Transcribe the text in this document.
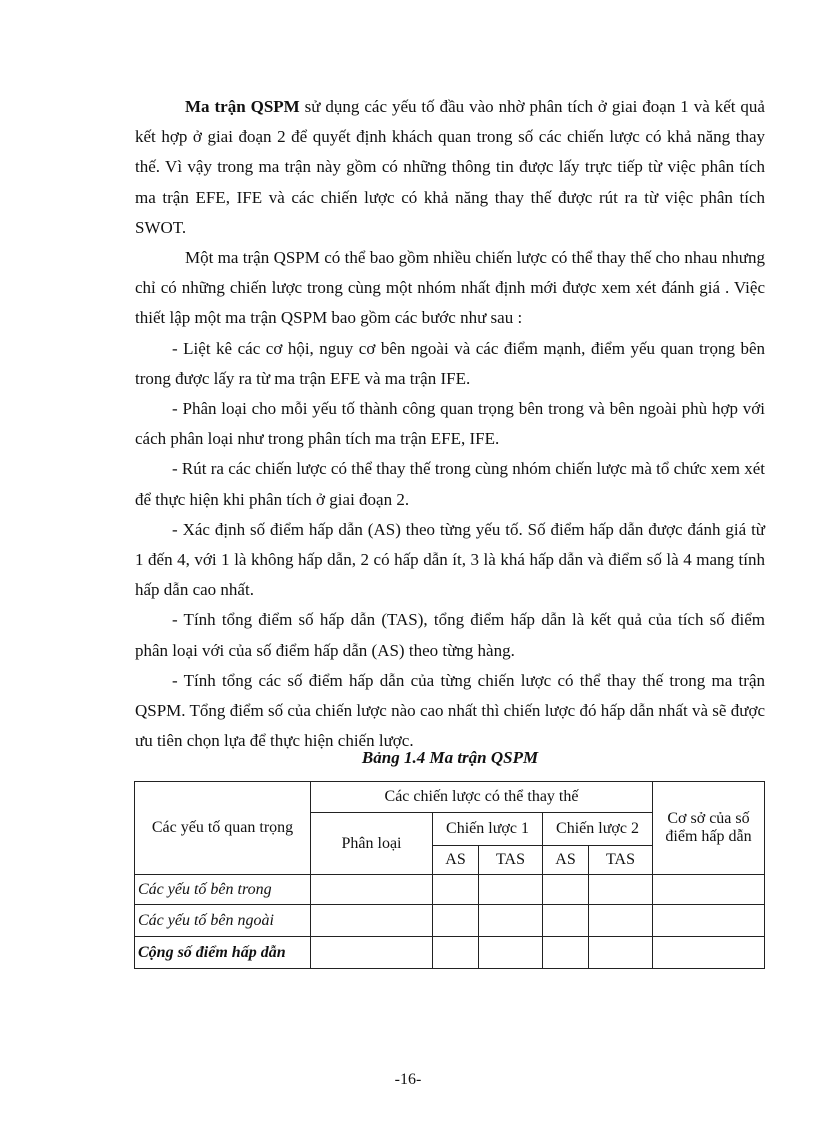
Ma trận QSPM sử dụng các yếu tố đầu vào nhờ phân tích ở giai đoạn 1 và kết quả kết hợp ở giai đoạn 2 để quyết định khách quan trong số các chiến lược có khả năng thay thế. Vì vậy trong ma trận này gồm có những thông tin được lấy trực tiếp từ việc phân tích ma trận EFE, IFE và các chiến lược có khả năng thay thế được rút ra từ việc phân tích SWOT.

Một ma trận QSPM có thể bao gồm nhiều chiến lược có thể thay thế cho nhau nhưng chỉ có những chiến lược trong cùng một nhóm nhất định mới được xem xét đánh giá . Việc thiết lập một ma trận QSPM bao gồm các bước như sau :

- Liệt kê các cơ hội, nguy cơ bên ngoài và các điểm mạnh, điểm yếu quan trọng bên trong được lấy ra từ ma trận EFE và ma trận IFE.

- Phân loại cho mỗi yếu tố thành công quan trọng bên trong và bên ngoài phù hợp với cách phân loại như trong phân tích ma trận EFE, IFE.

- Rút ra các chiến lược có thể thay thế trong cùng nhóm chiến lược mà tổ chức xem xét để thực hiện khi phân tích ở giai đoạn 2.

- Xác định số điểm hấp dẫn (AS) theo từng yếu tố. Số điểm hấp dẫn được đánh giá từ 1 đến 4, với 1 là không hấp dẫn, 2 có hấp dẫn ít, 3 là khá hấp dẫn và điểm số là 4 mang tính hấp dẫn cao nhất.

- Tính tổng điểm số hấp dẫn (TAS), tổng điểm hấp dẫn là kết quả của tích số điểm phân loại với của số điểm hấp dẫn (AS) theo từng hàng.

- Tính tổng các số điểm hấp dẫn của từng chiến lược có thể thay thế trong ma trận QSPM. Tổng điểm số của chiến lược nào cao nhất thì chiến lược đó hấp dẫn nhất và sẽ được ưu tiên chọn lựa để thực hiện chiến lược.

Bảng 1.4 Ma trận QSPM
Các yếu tố quan trọng	Các chiến lược có thể thay thế					Cơ sở của số điểm hấp dẫn
	Phân loại	Chiến lược 1		Chiến lược 2		
		AS	TAS	AS	TAS	
Các yếu tố bên trong						
Các yếu tố bên ngoài						
Cộng số điểm hấp dẫn						
-16-
